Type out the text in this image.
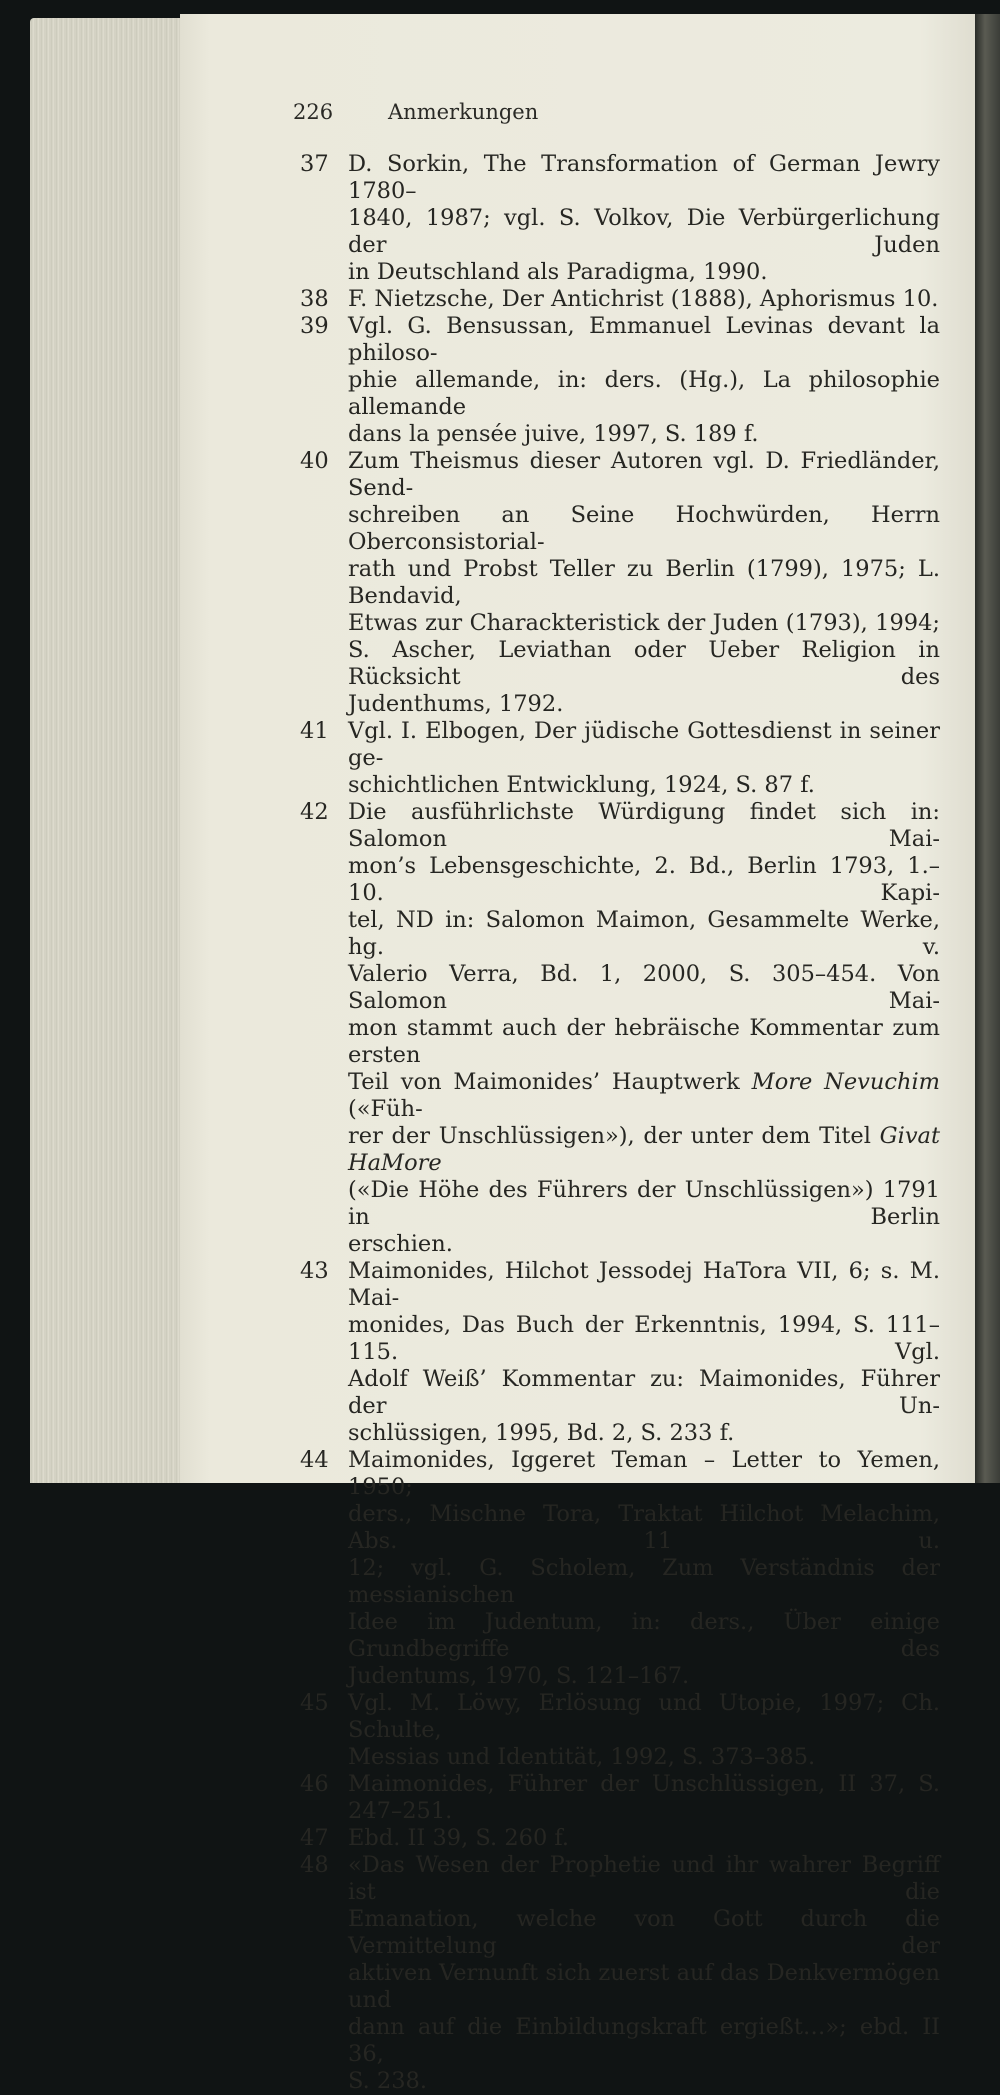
226	Anmerkungen
37 D. Sorkin, The Transformation of German Jewry 1780–
1840, 1987; vgl. S. Volkov, Die Verbürgerlichung der Juden
in Deutschland als Paradigma, 1990.
38 F. Nietzsche, Der Antichrist (1888), Aphorismus 10.
39 Vgl. G. Bensussan, Emmanuel Levinas devant la philoso-
phie allemande, in: ders. (Hg.), La philosophie allemande
dans la pensée juive, 1997, S. 189 f.
40 Zum Theismus dieser Autoren vgl. D. Friedländer, Send-
schreiben an Seine Hochwürden, Herrn Oberconsistorial-
rath und Probst Teller zu Berlin (1799), 1975; L. Bendavid,
Etwas zur Charackteristick der Juden (1793), 1994;
S. Ascher, Leviathan oder Ueber Religion in Rücksicht des
Judenthums, 1792.
41 Vgl. I. Elbogen, Der jüdische Gottesdienst in seiner ge-
schichtlichen Entwicklung, 1924, S. 87 f.
42 Die ausführlichste Würdigung findet sich in: Salomon Mai-
mon’s Lebensgeschichte, 2. Bd., Berlin 1793, 1.–10. Kapi-
tel, ND in: Salomon Maimon, Gesammelte Werke, hg. v.
Valerio Verra, Bd. 1, 2000, S. 305–454. Von Salomon Mai-
mon stammt auch der hebräische Kommentar zum ersten
Teil von Maimonides’ Hauptwerk More Nevuchim («Füh-
rer der Unschlüssigen»), der unter dem Titel Givat HaMore
(«Die Höhe des Führers der Unschlüssigen») 1791 in Berlin
erschien.
43 Maimonides, Hilchot Jessodej HaTora VII, 6; s. M. Mai-
monides, Das Buch der Erkenntnis, 1994, S. 111–115. Vgl.
Adolf Weiß’ Kommentar zu: Maimonides, Führer der Un-
schlüssigen, 1995, Bd. 2, S. 233 f.
44 Maimonides, Iggeret Teman – Letter to Yemen, 1950;
ders., Mischne Tora, Traktat Hilchot Melachim, Abs. 11 u.
12; vgl. G. Scholem, Zum Verständnis der messianischen
Idee im Judentum, in: ders., Über einige Grundbegriffe des
Judentums, 1970, S. 121–167.
45 Vgl. M. Löwy, Erlösung und Utopie, 1997; Ch. Schulte,
Messias und Identität, 1992, S. 373–385.
46 Maimonides, Führer der Unschlüssigen, II 37, S. 247–251.
47 Ebd. II 39, S. 260 f.
48 «Das Wesen der Prophetie und ihr wahrer Begriff ist die
Emanation, welche von Gott durch die Vermittelung der
aktiven Vernunft sich zuerst auf das Denkvermögen und
dann auf die Einbildungskraft ergießt…»; ebd. II 36,
S. 238.
